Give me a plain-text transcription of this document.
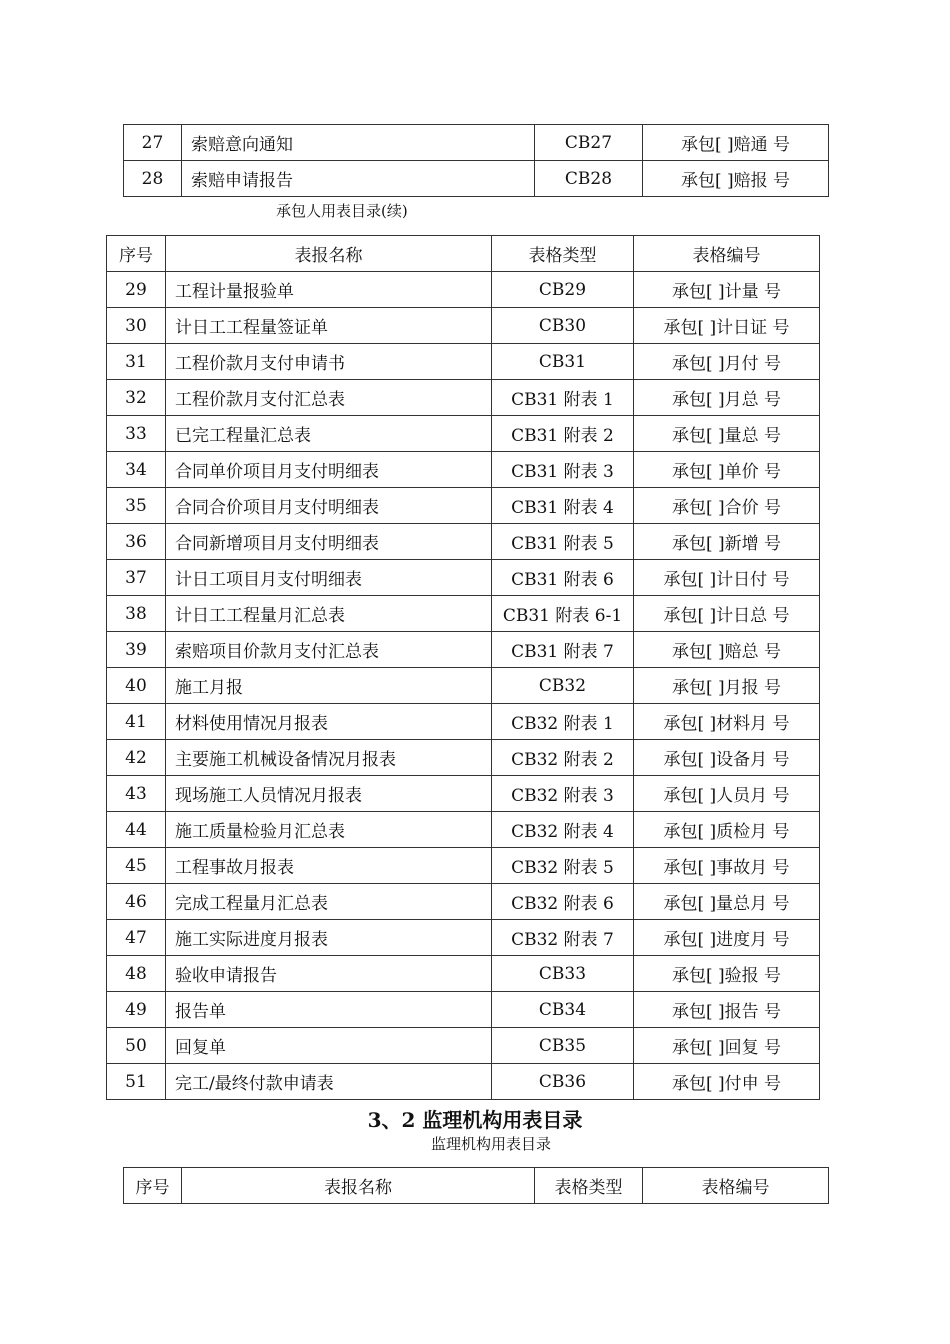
27	索赔意向通知	CB27	承包[ ]赔通 号
28	索赔申请报告	CB28	承包[ ]赔报 号
承包人用表目录(续)
序号	表报名称	表格类型	表格编号
29	工程计量报验单	CB29	承包[ ]计量 号
30	计日工工程量签证单	CB30	承包[ ]计日证 号
31	工程价款月支付申请书	CB31	承包[ ]月付 号
32	工程价款月支付汇总表	CB31 附表 1	承包[ ]月总 号
33	已完工程量汇总表	CB31 附表 2	承包[ ]量总 号
34	合同单价项目月支付明细表	CB31 附表 3	承包[ ]单价 号
35	合同合价项目月支付明细表	CB31 附表 4	承包[ ]合价 号
36	合同新增项目月支付明细表	CB31 附表 5	承包[ ]新增 号
37	计日工项目月支付明细表	CB31 附表 6	承包[ ]计日付 号
38	计日工工程量月汇总表	CB31 附表 6-1	承包[ ]计日总 号
39	索赔项目价款月支付汇总表	CB31 附表 7	承包[ ]赔总 号
40	施工月报	CB32	承包[ ]月报 号
41	材料使用情况月报表	CB32 附表 1	承包[ ]材料月 号
42	主要施工机械设备情况月报表	CB32 附表 2	承包[ ]设备月 号
43	现场施工人员情况月报表	CB32 附表 3	承包[ ]人员月 号
44	施工质量检验月汇总表	CB32 附表 4	承包[ ]质检月 号
45	工程事故月报表	CB32 附表 5	承包[ ]事故月 号
46	完成工程量月汇总表	CB32 附表 6	承包[ ]量总月 号
47	施工实际进度月报表	CB32 附表 7	承包[ ]进度月 号
48	验收申请报告	CB33	承包[ ]验报 号
49	报告单	CB34	承包[ ]报告 号
50	回复单	CB35	承包[ ]回复 号
51	完工/最终付款申请表	CB36	承包[ ]付申 号
3、2 监理机构用表目录
监理机构用表目录
序号	表报名称	表格类型	表格编号
